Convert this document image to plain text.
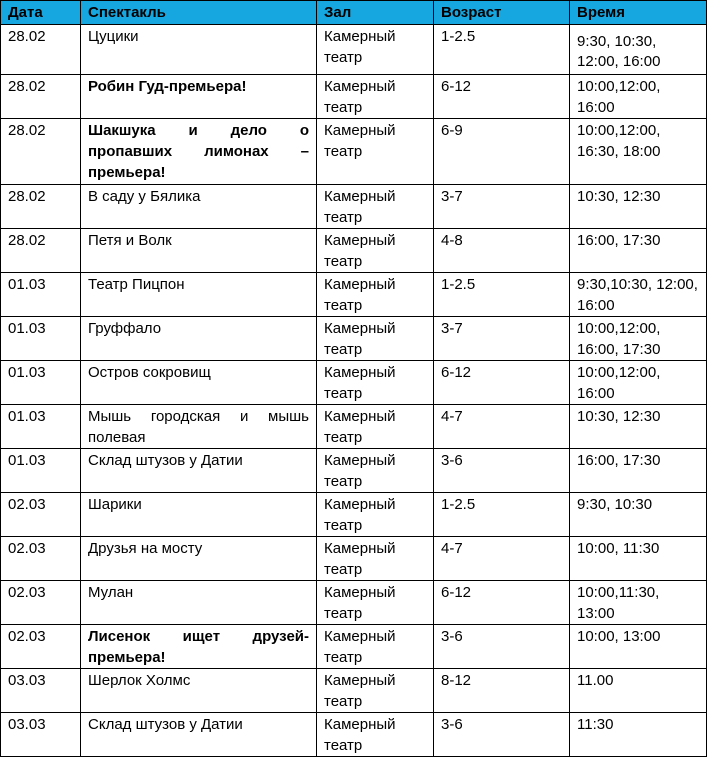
Дата	Спектакль	Зал	Возраст	Время
28.02	Цуцики	Камерный театр	1-2.5	9:30, 10:30, 12:00, 16:00
28.02	Робин Гуд-премьера!	Камерный театр	6-12	10:00,12:00, 16:00
28.02	Шакшука и дело о пропавших лимонах – премьера!	Камерный театр	6-9	10:00,12:00, 16:30, 18:00
28.02	В саду у Бялика	Камерный театр	3-7	10:30, 12:30
28.02	Петя и Волк	Камерный театр	4-8	16:00, 17:30
01.03	Театр Пицпон	Камерный театр	1-2.5	9:30,10:30, 12:00, 16:00
01.03	Груффало	Камерный театр	3-7	10:00,12:00, 16:00, 17:30
01.03	Остров сокровищ	Камерный театр	6-12	10:00,12:00, 16:00
01.03	Мышь городская и мышь полевая	Камерный театр	4-7	10:30, 12:30
01.03	Склад штузов у Датии	Камерный театр	3-6	16:00, 17:30
02.03	Шарики	Камерный театр	1-2.5	9:30, 10:30
02.03	Друзья на мосту	Камерный театр	4-7	10:00, 11:30
02.03	Мулан	Камерный театр	6-12	10:00,11:30, 13:00
02.03	Лисенок ищет друзей-премьера!	Камерный театр	3-6	10:00, 13:00
03.03	Шерлок Холмс	Камерный театр	8-12	11.00
03.03	Склад штузов у Датии	Камерный театр	3-6	11:30
